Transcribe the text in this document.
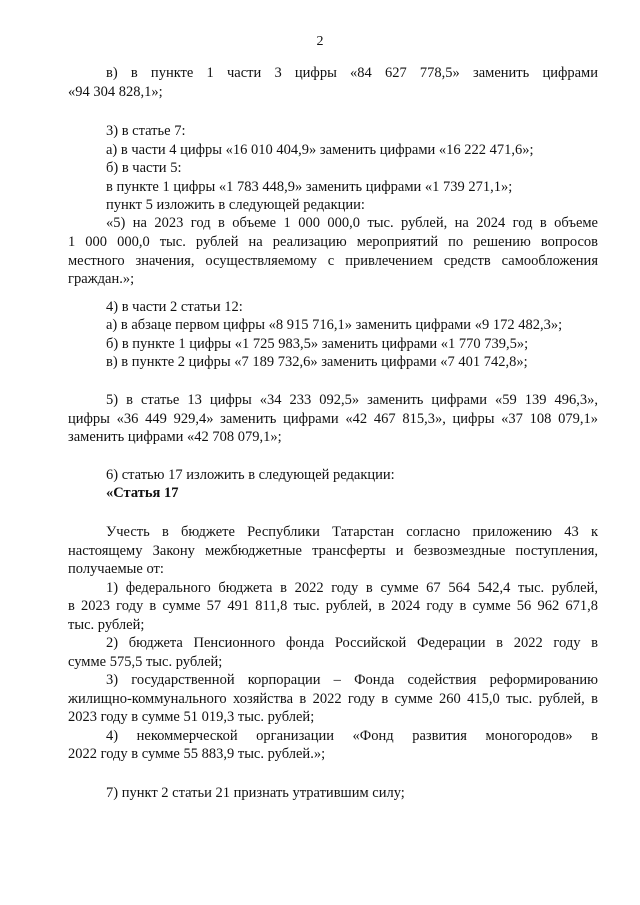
2
в) в пункте 1 части 3 цифры «84 627 778,5» заменить цифрами
«94 304 828,1»;
3) в статье 7:
а) в части 4 цифры «16 010 404,9» заменить цифрами «16 222 471,6»;
б) в части 5:
в пункте 1 цифры «1 783 448,9» заменить цифрами «1 739 271,1»;
пункт 5 изложить в следующей редакции:
«5) на 2023 год в объеме 1 000 000,0 тыс. рублей, на 2024 год в объеме
1 000 000,0 тыс. рублей на реализацию мероприятий по решению вопросов
местного значения, осуществляемому с привлечением средств самообложения
граждан.»;
4) в части 2 статьи 12:
а) в абзаце первом цифры «8 915 716,1» заменить цифрами «9 172 482,3»;
б) в пункте 1 цифры «1 725 983,5» заменить цифрами «1 770 739,5»;
в) в пункте 2 цифры «7 189 732,6» заменить цифрами «7 401 742,8»;
5) в статье 13 цифры «34 233 092,5» заменить цифрами «59 139 496,3»,
цифры «36 449 929,4» заменить цифрами «42 467 815,3», цифры «37 108 079,1»
заменить цифрами «42 708 079,1»;
6) статью 17 изложить в следующей редакции:
«Статья 17
Учесть в бюджете Республики Татарстан согласно приложению 43 к
настоящему Закону межбюджетные трансферты и безвозмездные поступления,
получаемые от:
1) федерального бюджета в 2022 году в сумме 67 564 542,4 тыс. рублей,
в 2023 году в сумме 57 491 811,8 тыс. рублей, в 2024 году в сумме 56 962 671,8
тыс. рублей;
2) бюджета Пенсионного фонда Российской Федерации в 2022 году в
сумме 575,5 тыс. рублей;
3) государственной корпорации – Фонда содействия реформированию
жилищно-коммунального хозяйства в 2022 году в сумме 260 415,0 тыс. рублей, в
2023 году в сумме 51 019,3 тыс. рублей;
4) некоммерческой организации «Фонд развития моногородов» в
2022 году в сумме 55 883,9 тыс. рублей.»;
7) пункт 2 статьи 21 признать утратившим силу;
